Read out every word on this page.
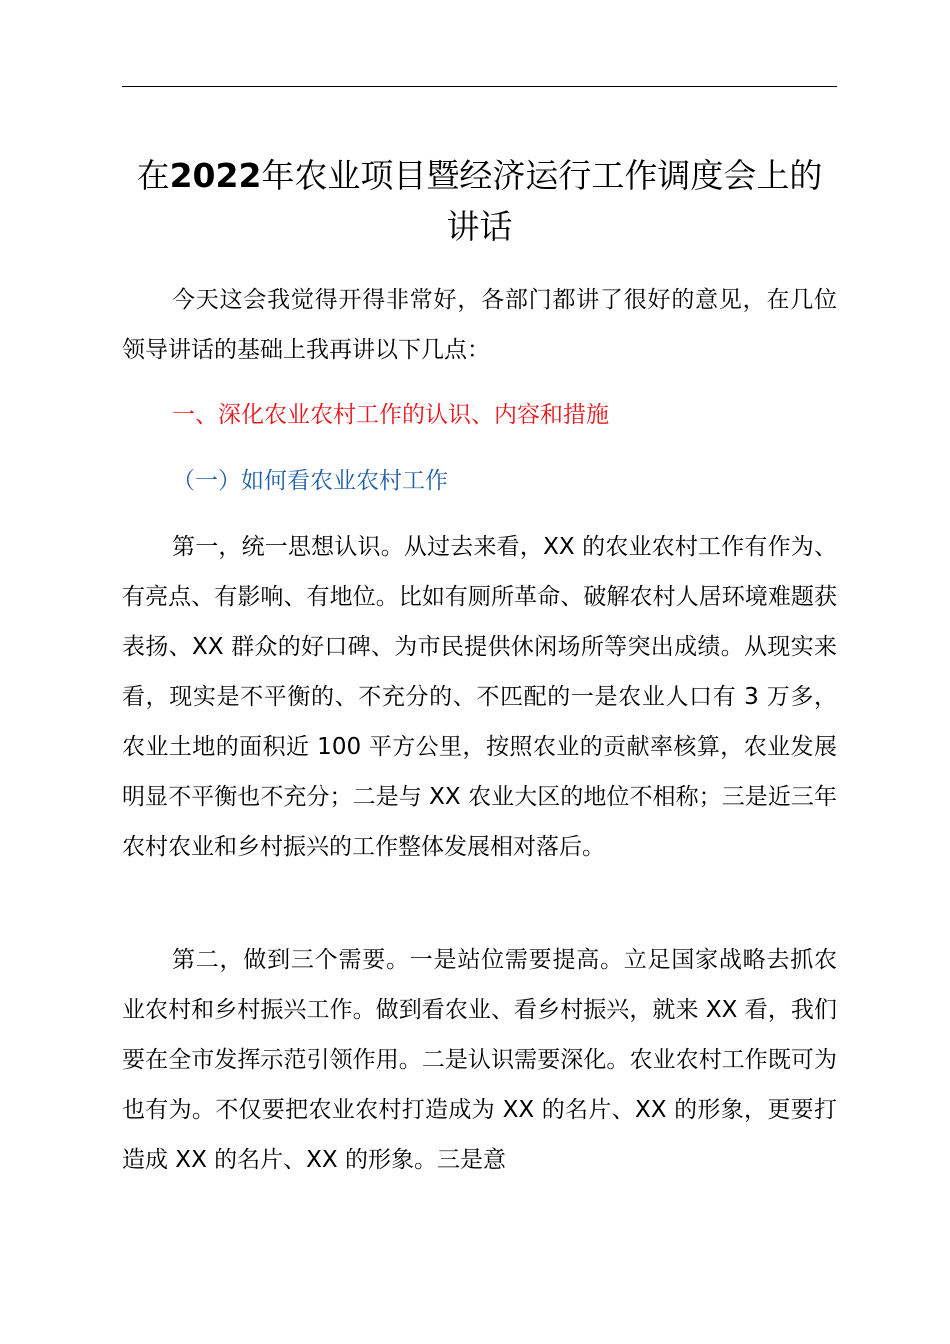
在2022年农业项目暨经济运行工作调度会上的讲话

今天这会我觉得开得非常好，各部门都讲了很好的意见，在几位领导讲话的基础上我再讲以下几点：

一、深化农业农村工作的认识、内容和措施

（一）如何看农业农村工作

第一，统一思想认识。从过去来看，XX 的农业农村工作有作为、有亮点、有影响、有地位。比如有厕所革命、破解农村人居环境难题获表扬、XX 群众的好口碑、为市民提供休闲场所等突出成绩。从现实来看，现实是不平衡的、不充分的、不匹配的一是农业人口有 3 万多，农业土地的面积近 100 平方公里，按照农业的贡献率核算，农业发展明显不平衡也不充分；二是与 XX 农业大区的地位不相称；三是近三年农村农业和乡村振兴的工作整体发展相对落后。

第二，做到三个需要。一是站位需要提高。立足国家战略去抓农业农村和乡村振兴工作。做到看农业、看乡村振兴，就来 XX 看，我们要在全市发挥示范引领作用。二是认识需要深化。农业农村工作既可为也有为。不仅要把农业农村打造成为 XX 的名片、XX 的形象，更要打造成 XX 的名片、XX 的形象。三是意
